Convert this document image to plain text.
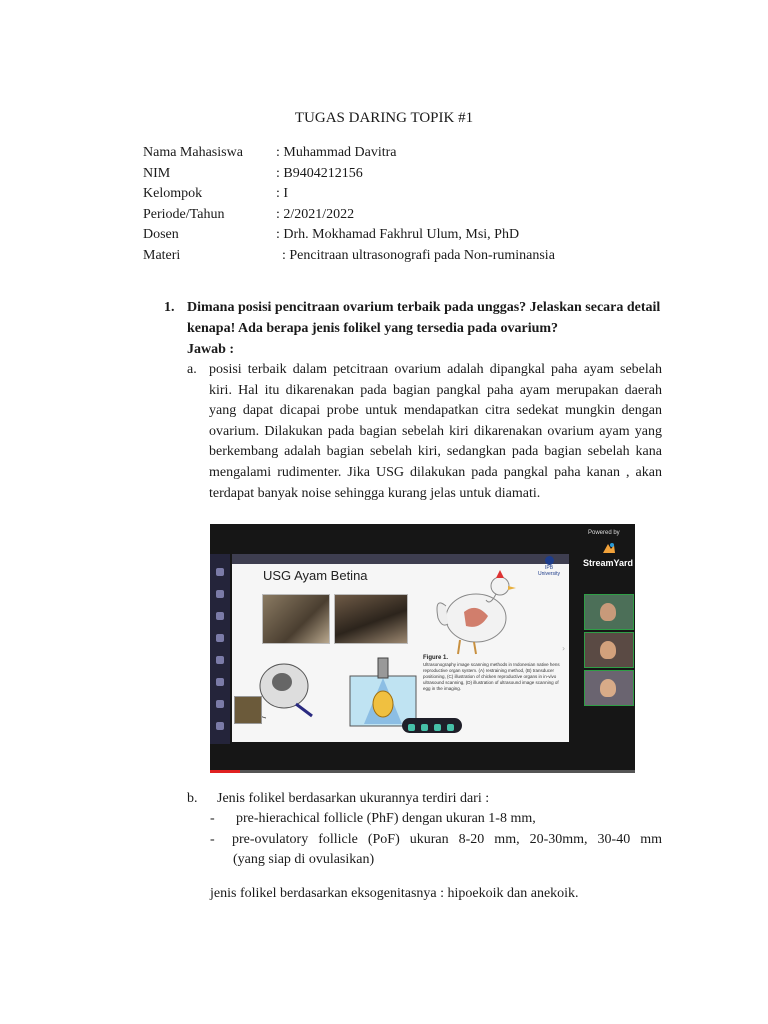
TUGAS DARING TOPIK #1
Nama Mahasiswa : Muhammad Davitra
NIM	: B9404212156
Kelompok	: I
Periode/Tahun	: 2/2021/2022
Dosen	: Drh. Mokhamad Fakhrul Ulum, Msi, PhD
Materi	: Pencitraan ultrasonografi pada Non-ruminansia
1. Dimana posisi pencitraan ovarium terbaik pada unggas? Jelaskan secara detail kenapa! Ada berapa jenis folikel yang tersedia pada ovarium?
Jawab :
a. posisi terbaik dalam petcitraan ovarium adalah dipangkal paha ayam sebelah kiri. Hal itu dikarenakan pada bagian pangkal paha ayam merupakan daerah yang dapat dicapai probe untuk mendapatkan citra sedekat mungkin dengan ovarium. Dilakukan pada bagian sebelah kiri dikarenakan ovarium ayam yang berkembang adalah bagian sebelah kiri, sedangkan pada bagian sebelah kana mengalami rudimenter. Jika USG dilakukan pada pangkal paha kanan , akan terdapat banyak noise sehingga kurang jelas untuk diamati.
USG Ayam Betina	IPB University
Figure 1.
Ultrasonography image scanning methods in Indonesian native hens reproductive organ system. (A) restraining method, (B) transducer positioning, (C) illustration of chicken reproductive organs in in-vivo ultrasound scanning, (D) illustration of ultrasound image scanning of egg in the imaging.
›
Powered by
StreamYard
b. Jenis folikel berdasarkan ukurannya terdiri dari :
- pre-hierachical follicle (PhF) dengan ukuran 1-8 mm,
- pre-ovulatory follicle (PoF) ukuran 8-20 mm, 20-30mm, 30-40 mm
(yang siap di ovulasikan)
jenis folikel berdasarkan eksogenitasnya : hipoekoik dan anekoik.
